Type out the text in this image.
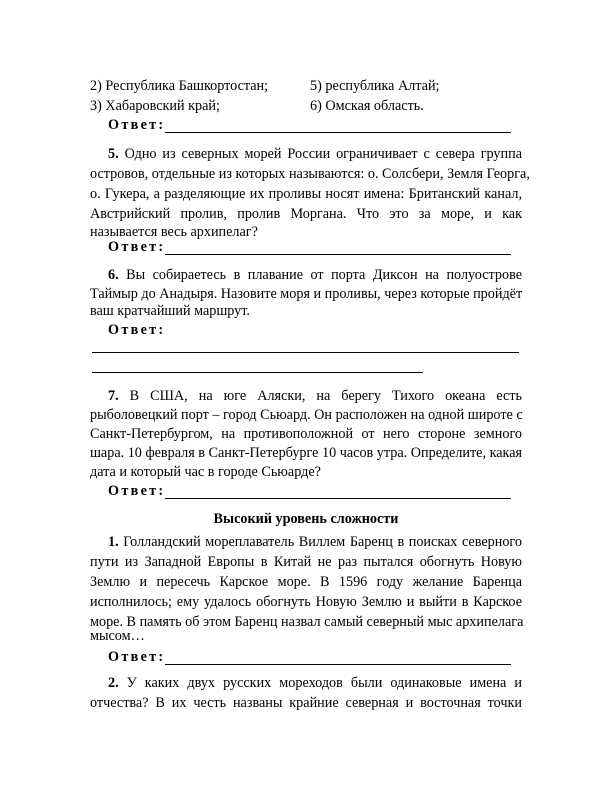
2) Республика Башкортостан;	5) республика Алтай;
3) Хабаровский край;	6) Омская область.
Ответ:
5. Одно из северных морей России ограничивает с севера группа
островов, отдельные из которых называются: о. Солсбери, Земля Георга,
о. Гукера, а разделяющие их проливы носят имена: Британский канал,
Австрийский пролив, пролив Моргана. Что это за море, и как
называется весь архипелаг?
Ответ:
6. Вы собираетесь в плавание от порта Диксон на полуострове
Таймыр до Анадыря. Назовите моря и проливы, через которые пройдёт
ваш кратчайший маршрут.
Ответ:
7. В США, на юге Аляски, на берегу Тихого океана есть
рыболовецкий порт – город Сьюард. Он расположен на одной широте с
Санкт-Петербургом, на противоположной от него стороне земного
шара. 10 февраля в Санкт-Петербурге 10 часов утра. Определите, какая
дата и который час в городе Сьюарде?
Ответ:
Высокий уровень сложности
1. Голландский мореплаватель Виллем Баренц в поисках северного
пути из Западной Европы в Китай не раз пытался обогнуть Новую
Землю и пересечь Карское море. В 1596 году желание Баренца
исполнилось; ему удалось обогнуть Новую Землю и выйти в Карское
море. В память об этом Баренц назвал самый северный мыс архипелага
мысом…
Ответ:
2. У каких двух русских мореходов были одинаковые имена и
отчества? В их честь названы крайние северная и восточная точки
